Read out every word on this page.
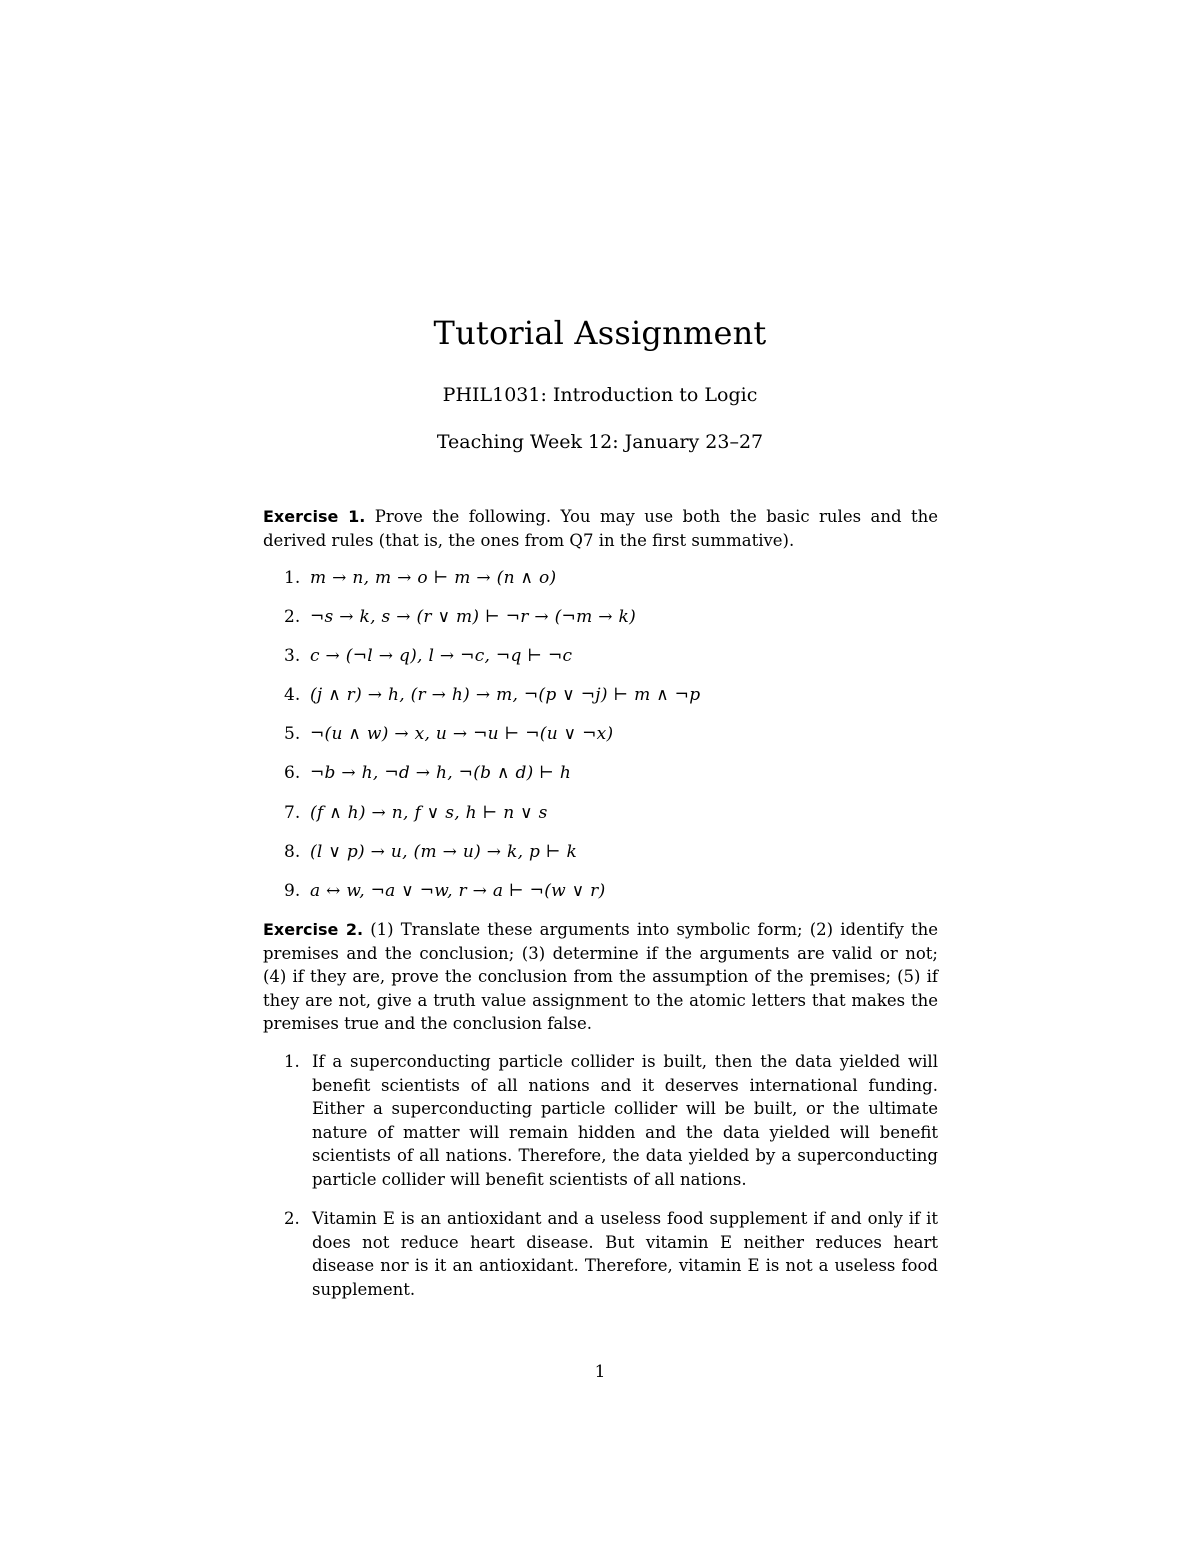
Tutorial Assignment
PHIL1031: Introduction to Logic
Teaching Week 12: January 23–27
Exercise 1. Prove the following. You may use both the basic rules and the derived rules (that is, the ones from Q7 in the first summative).
1. m → n, m → o ⊢ m → (n ∧ o)
2. ¬s → k, s → (r ∨ m) ⊢ ¬r → (¬m → k)
3. c → (¬l → q), l → ¬c, ¬q ⊢ ¬c
4. (j ∧ r) → h, (r → h) → m, ¬(p ∨ ¬j) ⊢ m ∧ ¬p
5. ¬(u ∧ w) → x, u → ¬u ⊢ ¬(u ∨ ¬x)
6. ¬b → h, ¬d → h, ¬(b ∧ d) ⊢ h
7. (f ∧ h) → n, f ∨ s, h ⊢ n ∨ s
8. (l ∨ p) → u, (m → u) → k, p ⊢ k
9. a ↔ w, ¬a ∨ ¬w, r → a ⊢ ¬(w ∨ r)
Exercise 2. (1) Translate these arguments into symbolic form; (2) identify the premises and the conclusion; (3) determine if the arguments are valid or not; (4) if they are, prove the conclusion from the assumption of the premises; (5) if they are not, give a truth value assignment to the atomic letters that makes the premises true and the conclusion false.
1. If a superconducting particle collider is built, then the data yielded will benefit scientists of all nations and it deserves international funding. Either a superconducting particle collider will be built, or the ultimate nature of matter will remain hidden and the data yielded will benefit scientists of all nations. Therefore, the data yielded by a superconducting particle collider will benefit scientists of all nations.
2. Vitamin E is an antioxidant and a useless food supplement if and only if it does not reduce heart disease. But vitamin E neither reduces heart disease nor is it an antioxidant. Therefore, vitamin E is not a useless food supplement.
1
